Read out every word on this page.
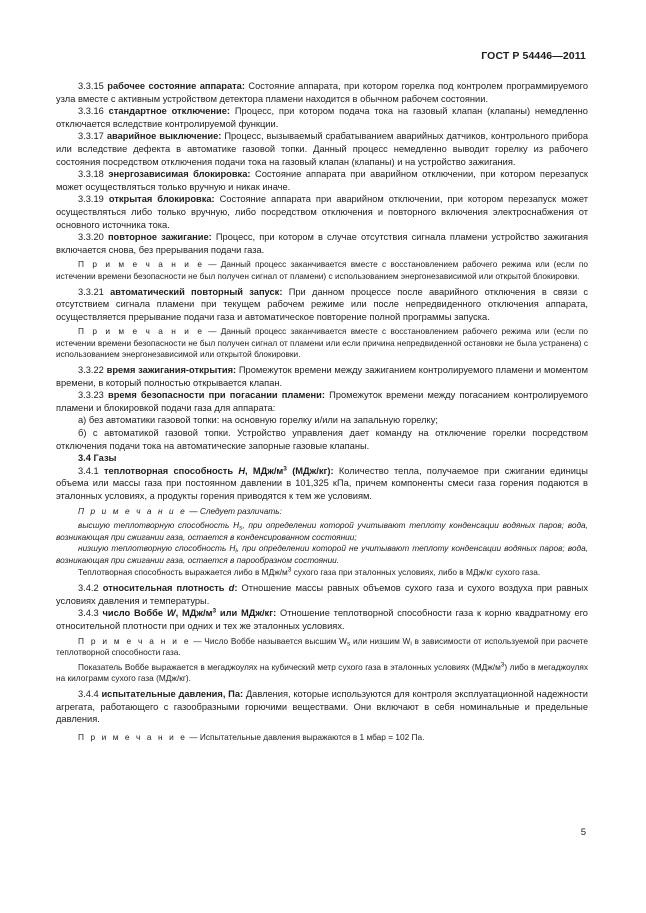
ГОСТ Р 54446—2011

3.3.15 рабочее состояние аппарата: Состояние аппарата, при котором горелка под контролем программируемого узла вместе с активным устройством детектора пламени находится в обычном рабочем состоянии.

3.3.16 стандартное отключение: Процесс, при котором подача тока на газовый клапан (клапаны) немедленно отключается вследствие контролируемой функции.

3.3.17 аварийное выключение: Процесс, вызываемый срабатыванием аварийных датчиков, контрольного прибора или вследствие дефекта в автоматике газовой топки. Данный процесс немедленно выводит горелку из рабочего состояния посредством отключения подачи тока на газовый клапан (клапаны) и на устройство зажигания.

3.3.18 энергозависимая блокировка: Состояние аппарата при аварийном отключении, при котором перезапуск может осуществляться только вручную и никак иначе.

3.3.19 открытая блокировка: Состояние аппарата при аварийном отключении, при котором перезапуск может осуществляться либо только вручную, либо посредством отключения и повторного включения электроснабжения от основного источника тока.

3.3.20 повторное зажигание: Процесс, при котором в случае отсутствия сигнала пламени устройство зажигания включается снова, без прерывания подачи газа.

П р и м е ч а н и е — Данный процесс заканчивается вместе с восстановлением рабочего режима или (если по истечении времени безопасности не был получен сигнал от пламени) с использованием энергонезависимой или открытой блокировки.

3.3.21 автоматический повторный запуск: При данном процессе после аварийного отключения в связи с отсутствием сигнала пламени при текущем рабочем режиме или после непредвиденного отключения аппарата, осуществляется прерывание подачи газа и автоматическое повторение полной программы запуска.

П р и м е ч а н и е — Данный процесс заканчивается вместе с восстановлением рабочего режима или (если по истечении времени безопасности не был получен сигнал от пламени или если причина непредвиденной остановки не была устранена) с использованием энергонезависимой или открытой блокировки.

3.3.22 время зажигания-открытия: Промежуток времени между зажиганием контролируемого пламени и моментом времени, в который полностью открывается клапан.

3.3.23 время безопасности при погасании пламени: Промежуток времени между погасанием контролируемого пламени и блокировкой подачи газа для аппарата:

а) без автоматики газовой топки: на основную горелку и/или на запальную горелку;

б) с автоматикой газовой топки. Устройство управления дает команду на отключение горелки посредством отключения подачи тока на автоматические запорные газовые клапаны.

3.4 Газы

3.4.1 теплотворная способность H, МДж/$м^3$ (МДж/кг): Количество тепла, получаемое при сжигании единицы объема или массы газа при постоянном давлении в 101,325 кПа, причем компоненты смеси газа горения подаются в эталонных условиях, а продукты горения приводятся к тем же условиям.

П р и м е ч а н и е — Следует различать:

высшую теплотворную способность $H_s$, при определении которой учитывают теплоту конденсации водяных паров; вода, возникающая при сжигании газа, остается в конденсированном состоянии;

низшую теплотворную способность $H_i$, при определении которой не учитывают теплоту конденсации водяных паров; вода, возникающая при сжигании газа, остается в парообразном состоянии.

Теплотворная способность выражается либо в МДж/$м^3$ сухого газа при эталонных условиях, либо в МДж/кг сухого газа.

3.4.2 относительная плотность d: Отношение массы равных объемов сухого газа и сухого воздуха при равных условиях давления и температуры.

3.4.3 число Воббе W, МДж/$м^3$ или МДж/кг: Отношение теплотворной способности газа к корню квадратному его относительной плотности при одних и тех же эталонных условиях.

П р и м е ч а н и е — Число Воббе называется высшим $W_s$ или низшим $W_i$ в зависимости от используемой при расчете теплотворной способности газа.

Показатель Воббе выражается в мегаджоулях на кубический метр сухого газа в эталонных условиях $(МДж/м^3)$ либо в мегаджоулях на килограмм сухого газа (МДж/кг).

3.4.4 испытательные давления, Па: Давления, которые используются для контроля эксплуатационной надежности агрегата, работающего с газообразными горючими веществами. Они включают в себя номинальные и предельные давления.

П р и м е ч а н и е — Испытательные давления выражаются в 1 мбар = 102 Па.

5
